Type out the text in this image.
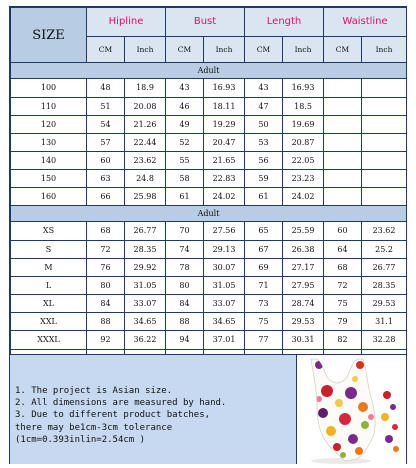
SIZE	Hipline		Bust		Length		Waistline	
	CM	Inch	CM	Inch	CM	Inch	CM	Inch
Adult								
100	48	18.9	43	16.93	43	16.93		
110	51	20.08	46	18.11	47	18.5		
120	54	21.26	49	19.29	50	19.69		
130	57	22.44	52	20.47	53	20.87		
140	60	23.62	55	21.65	56	22.05		
150	63	24.8	58	22.83	59	23.23		
160	66	25.98	61	24.02	61	24.02		
Adult								
XS	68	26.77	70	27.56	65	25.59	60	23.62
S	72	28.35	74	29.13	67	26.38	64	25.2
M	76	29.92	78	30.07	69	27.17	68	26.77
L	80	31.05	80	31.05	71	27.95	72	28.35
XL	84	33.07	84	33.07	73	28.74	75	29.53
XXL	88	34.65	88	34.65	75	29.53	79	31.1
XXXL	92	36.22	94	37.01	77	30.31	82	32.28

1. The project is Asian size.
2. All dimensions are measured by hand.
3. Due to different product batches,
there may be1cm-3cm tolerance
(1cm=0.393inlin=2.54cm )
